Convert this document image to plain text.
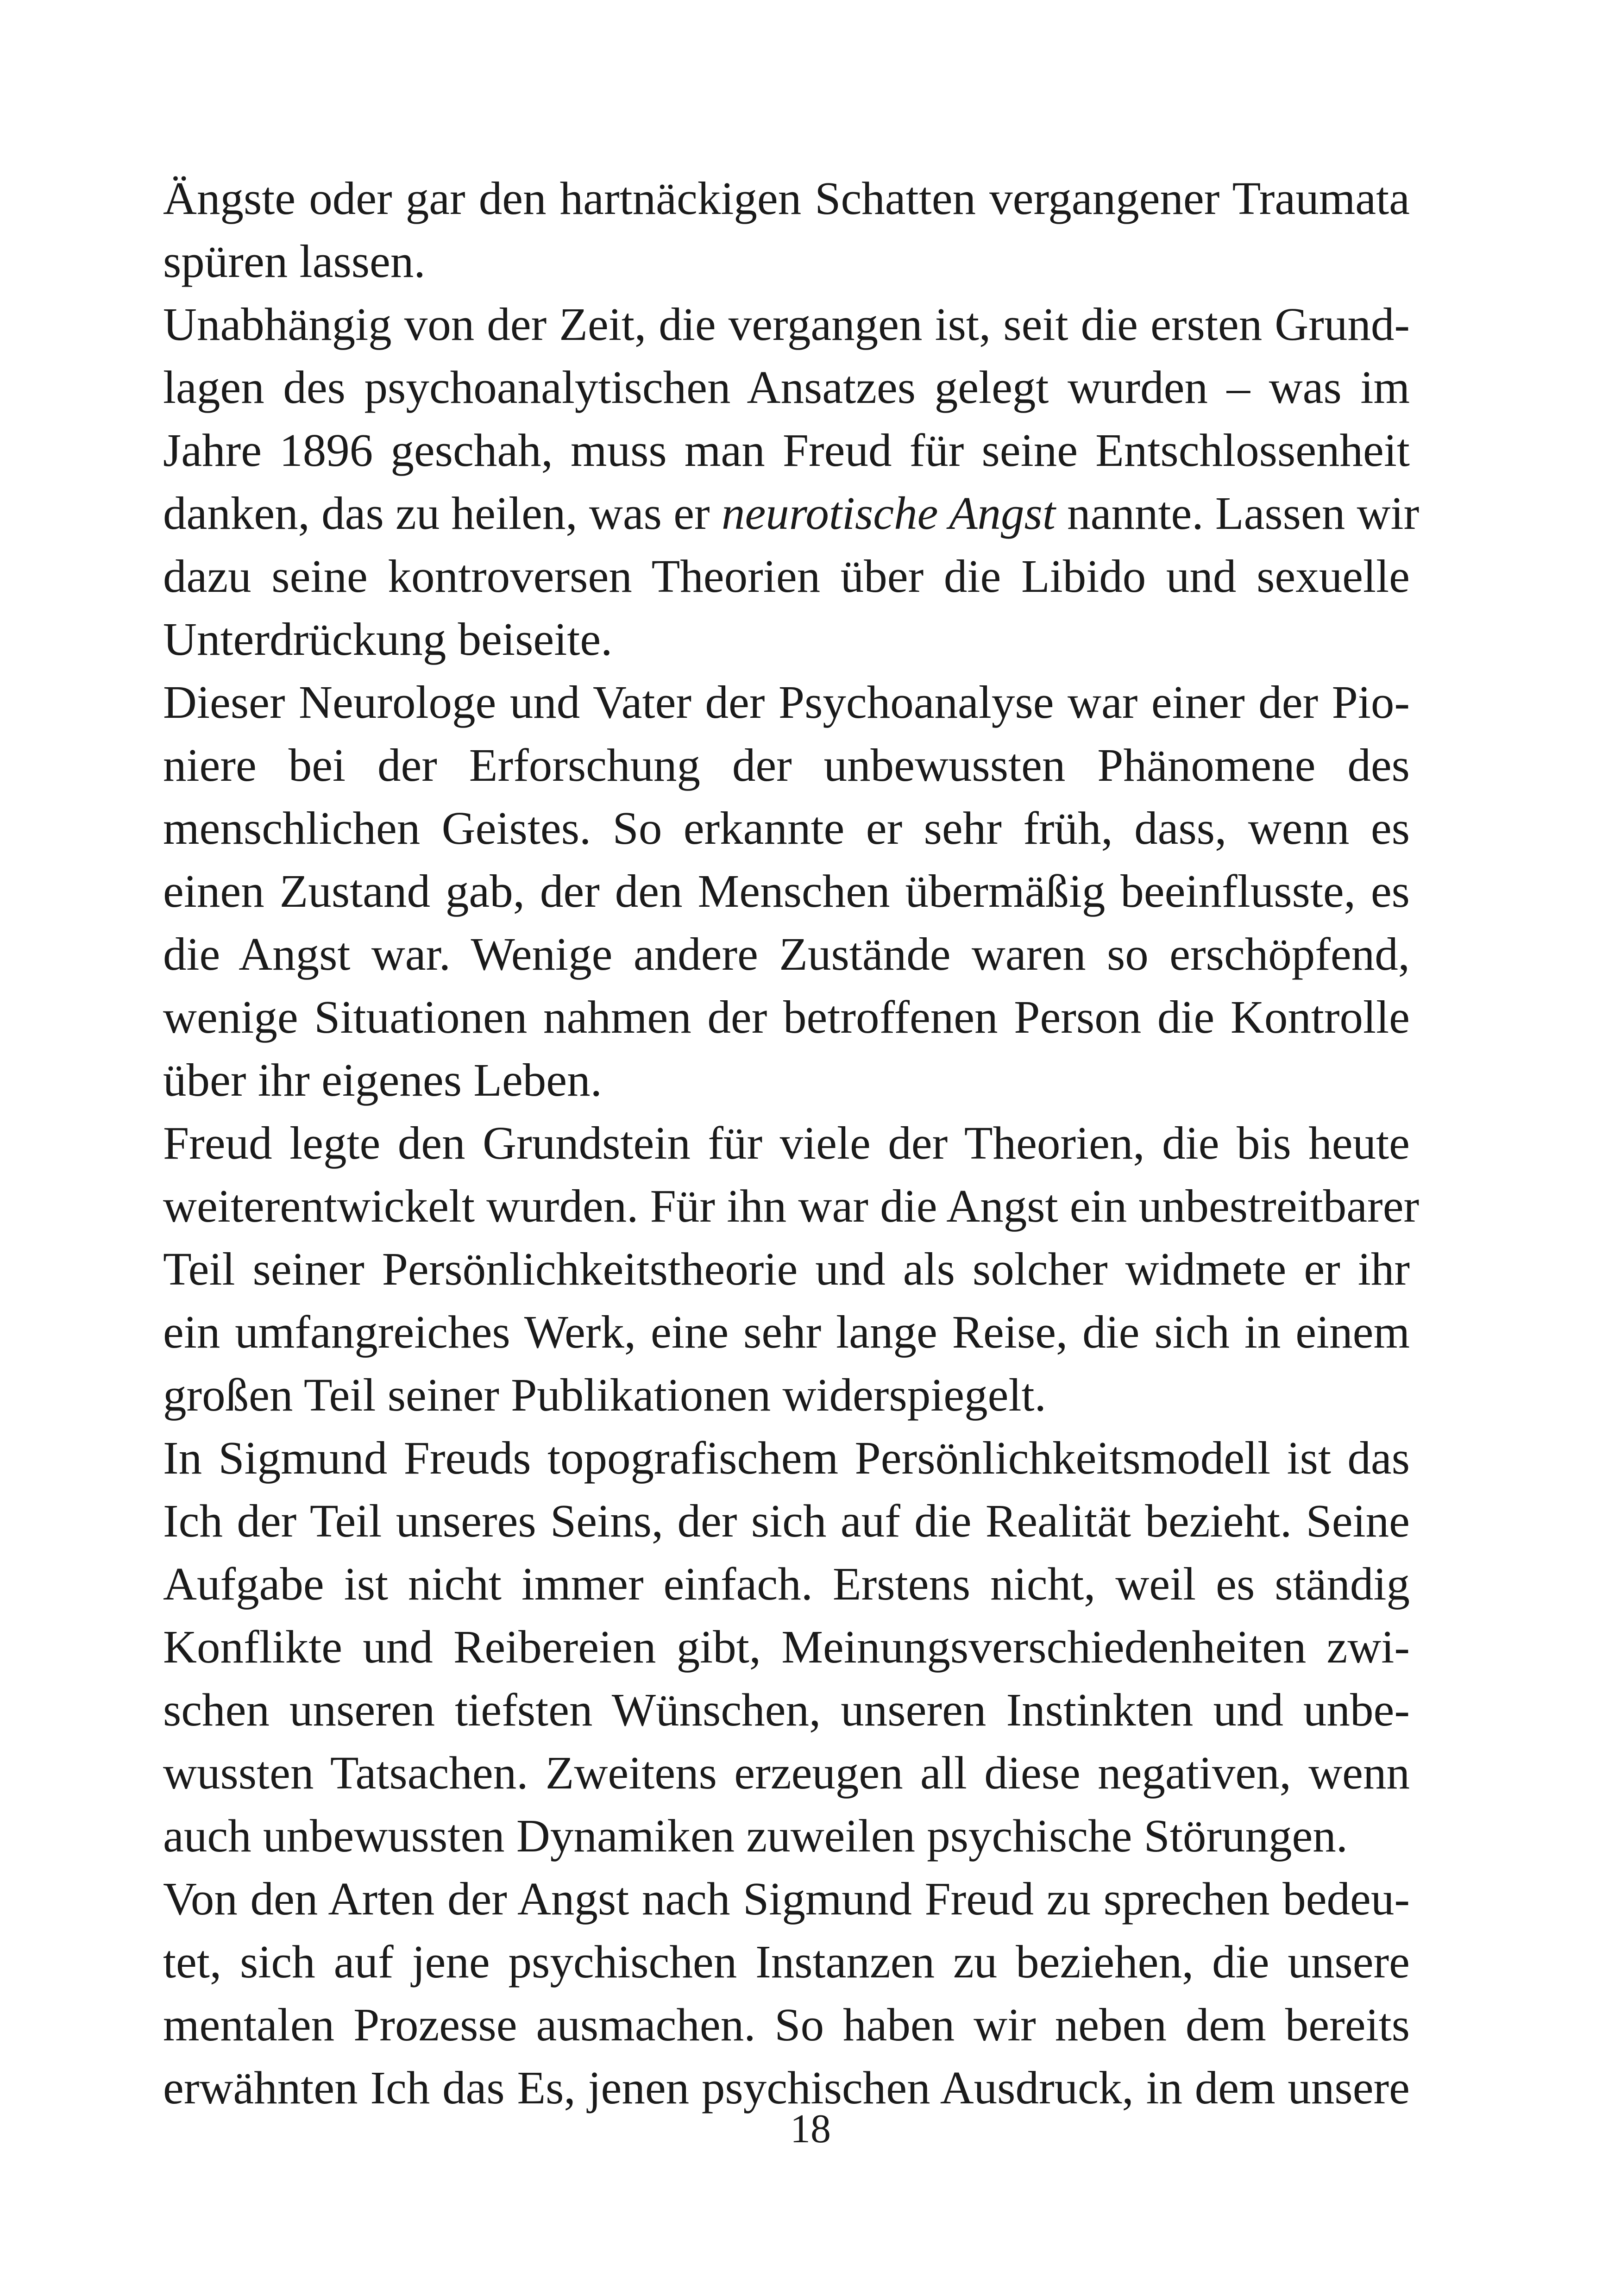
Ängste oder gar den hartnäckigen Schatten vergangener Traumata
spüren lassen.
Unabhängig von der Zeit, die vergangen ist, seit die ersten Grund-
lagen des psychoanalytischen Ansatzes gelegt wurden – was im
Jahre 1896 geschah, muss man Freud für seine Entschlossenheit
danken, das zu heilen, was er neurotische Angst nannte. Lassen wir
dazu seine kontroversen Theorien über die Libido und sexuelle
Unterdrückung beiseite.
Dieser Neurologe und Vater der Psychoanalyse war einer der Pio-
niere bei der Erforschung der unbewussten Phänomene des
menschlichen Geistes. So erkannte er sehr früh, dass, wenn es
einen Zustand gab, der den Menschen übermäßig beeinflusste, es
die Angst war. Wenige andere Zustände waren so erschöpfend,
wenige Situationen nahmen der betroffenen Person die Kontrolle
über ihr eigenes Leben.
Freud legte den Grundstein für viele der Theorien, die bis heute
weiterentwickelt wurden. Für ihn war die Angst ein unbestreitbarer
Teil seiner Persönlichkeitstheorie und als solcher widmete er ihr
ein umfangreiches Werk, eine sehr lange Reise, die sich in einem
großen Teil seiner Publikationen widerspiegelt.
In Sigmund Freuds topografischem Persönlichkeitsmodell ist das
Ich der Teil unseres Seins, der sich auf die Realität bezieht. Seine
Aufgabe ist nicht immer einfach. Erstens nicht, weil es ständig
Konflikte und Reibereien gibt, Meinungsverschiedenheiten zwi-
schen unseren tiefsten Wünschen, unseren Instinkten und unbe-
wussten Tatsachen. Zweitens erzeugen all diese negativen, wenn
auch unbewussten Dynamiken zuweilen psychische Störungen.
Von den Arten der Angst nach Sigmund Freud zu sprechen bedeu-
tet, sich auf jene psychischen Instanzen zu beziehen, die unsere
mentalen Prozesse ausmachen. So haben wir neben dem bereits
erwähnten Ich das Es, jenen psychischen Ausdruck, in dem unsere
18
